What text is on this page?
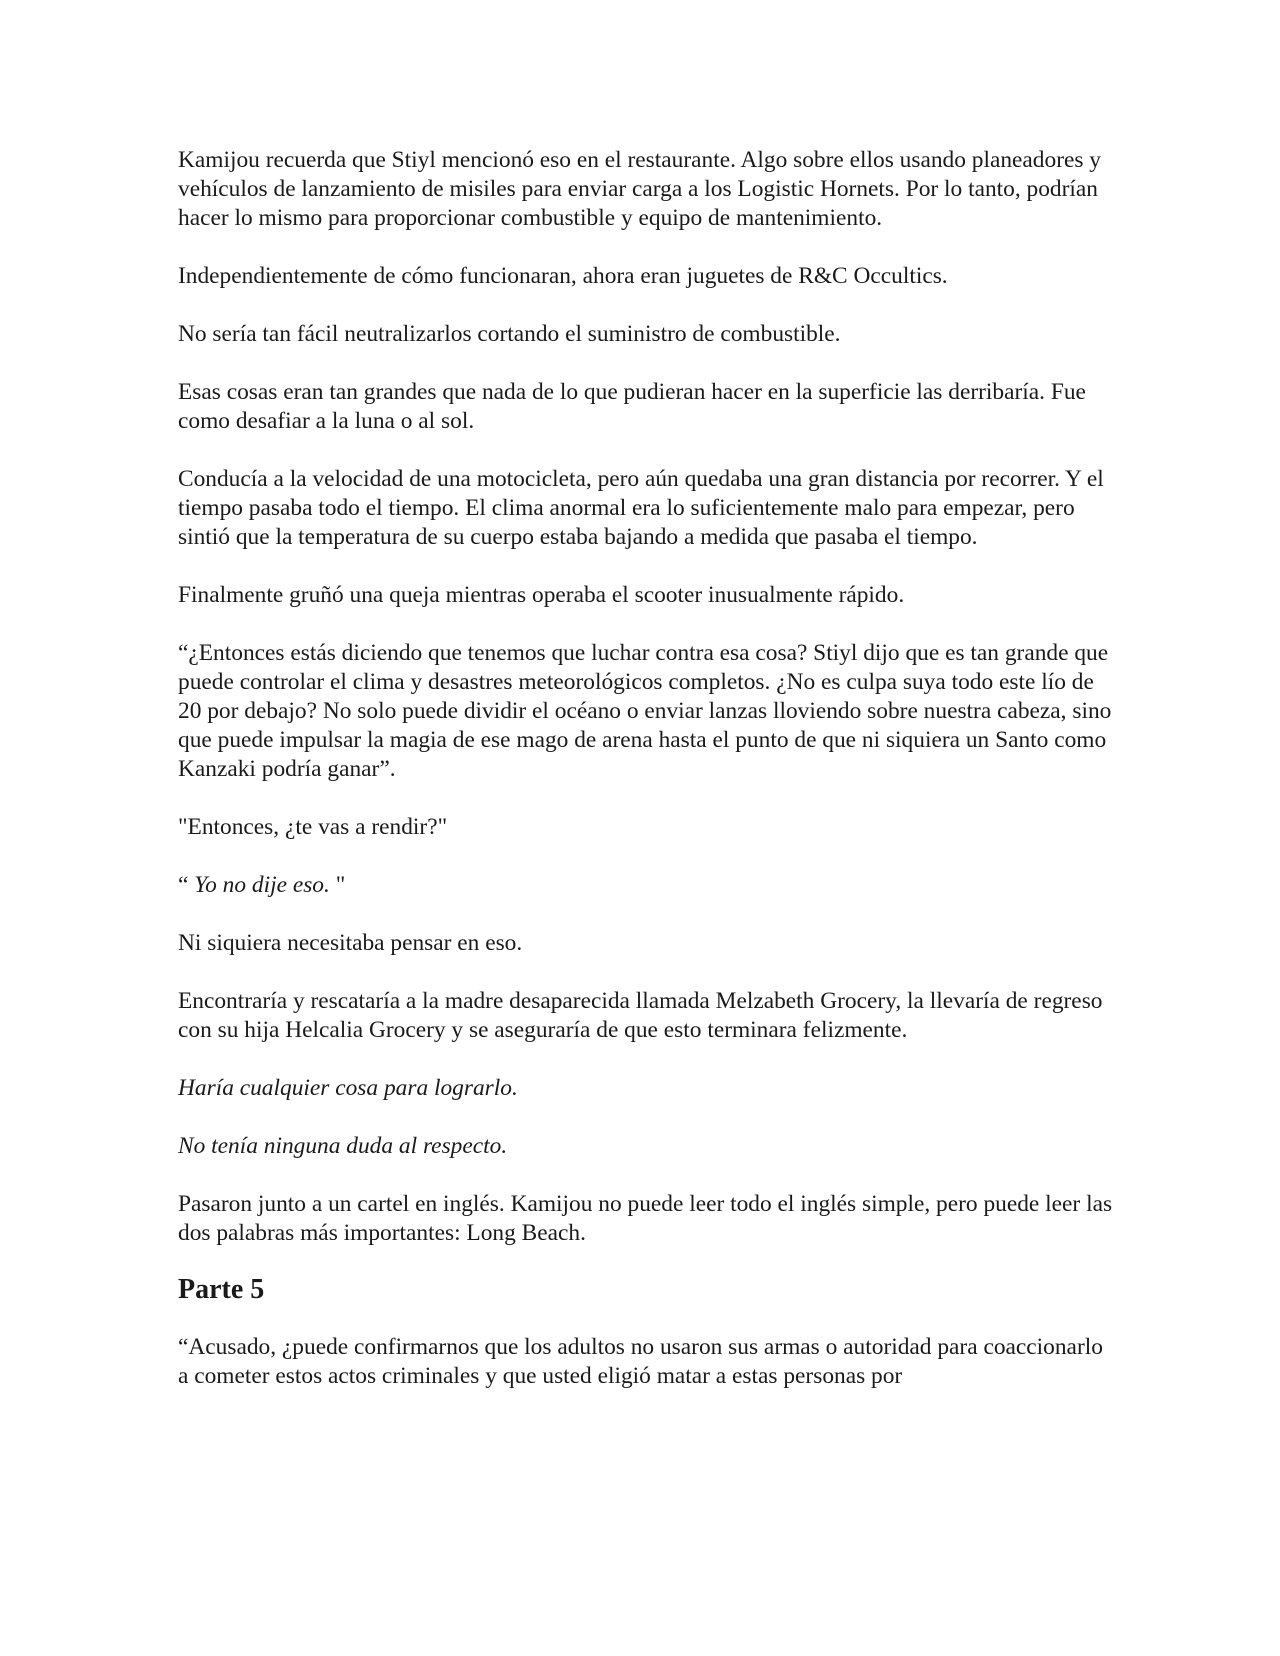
Kamijou recuerda que Stiyl mencionó eso en el restaurante. Algo sobre ellos usando planeadores y vehículos de lanzamiento de misiles para enviar carga a los Logistic Hornets. Por lo tanto, podrían hacer lo mismo para proporcionar combustible y equipo de mantenimiento.

Independientemente de cómo funcionaran, ahora eran juguetes de R&C Occultics.

No sería tan fácil neutralizarlos cortando el suministro de combustible.

Esas cosas eran tan grandes que nada de lo que pudieran hacer en la superficie las derribaría. Fue como desafiar a la luna o al sol.

Conducía a la velocidad de una motocicleta, pero aún quedaba una gran distancia por recorrer. Y el tiempo pasaba todo el tiempo. El clima anormal era lo suficientemente malo para empezar, pero sintió que la temperatura de su cuerpo estaba bajando a medida que pasaba el tiempo.

Finalmente gruñó una queja mientras operaba el scooter inusualmente rápido.

“¿Entonces estás diciendo que tenemos que luchar contra esa cosa? Stiyl dijo que es tan grande que puede controlar el clima y desastres meteorológicos completos. ¿No es culpa suya todo este lío de 20 por debajo? No solo puede dividir el océano o enviar lanzas lloviendo sobre nuestra cabeza, sino que puede impulsar la magia de ese mago de arena hasta el punto de que ni siquiera un Santo como Kanzaki podría ganar”.

"Entonces, ¿te vas a rendir?"

“ Yo no dije eso. "

Ni siquiera necesitaba pensar en eso.

Encontraría y rescataría a la madre desaparecida llamada Melzabeth Grocery, la llevaría de regreso con su hija Helcalia Grocery y se aseguraría de que esto terminara felizmente.

Haría cualquier cosa para lograrlo.

No tenía ninguna duda al respecto.

Pasaron junto a un cartel en inglés. Kamijou no puede leer todo el inglés simple, pero puede leer las dos palabras más importantes: Long Beach.

Parte 5

“Acusado, ¿puede confirmarnos que los adultos no usaron sus armas o autoridad para coaccionarlo a cometer estos actos criminales y que usted eligió matar a estas personas por
